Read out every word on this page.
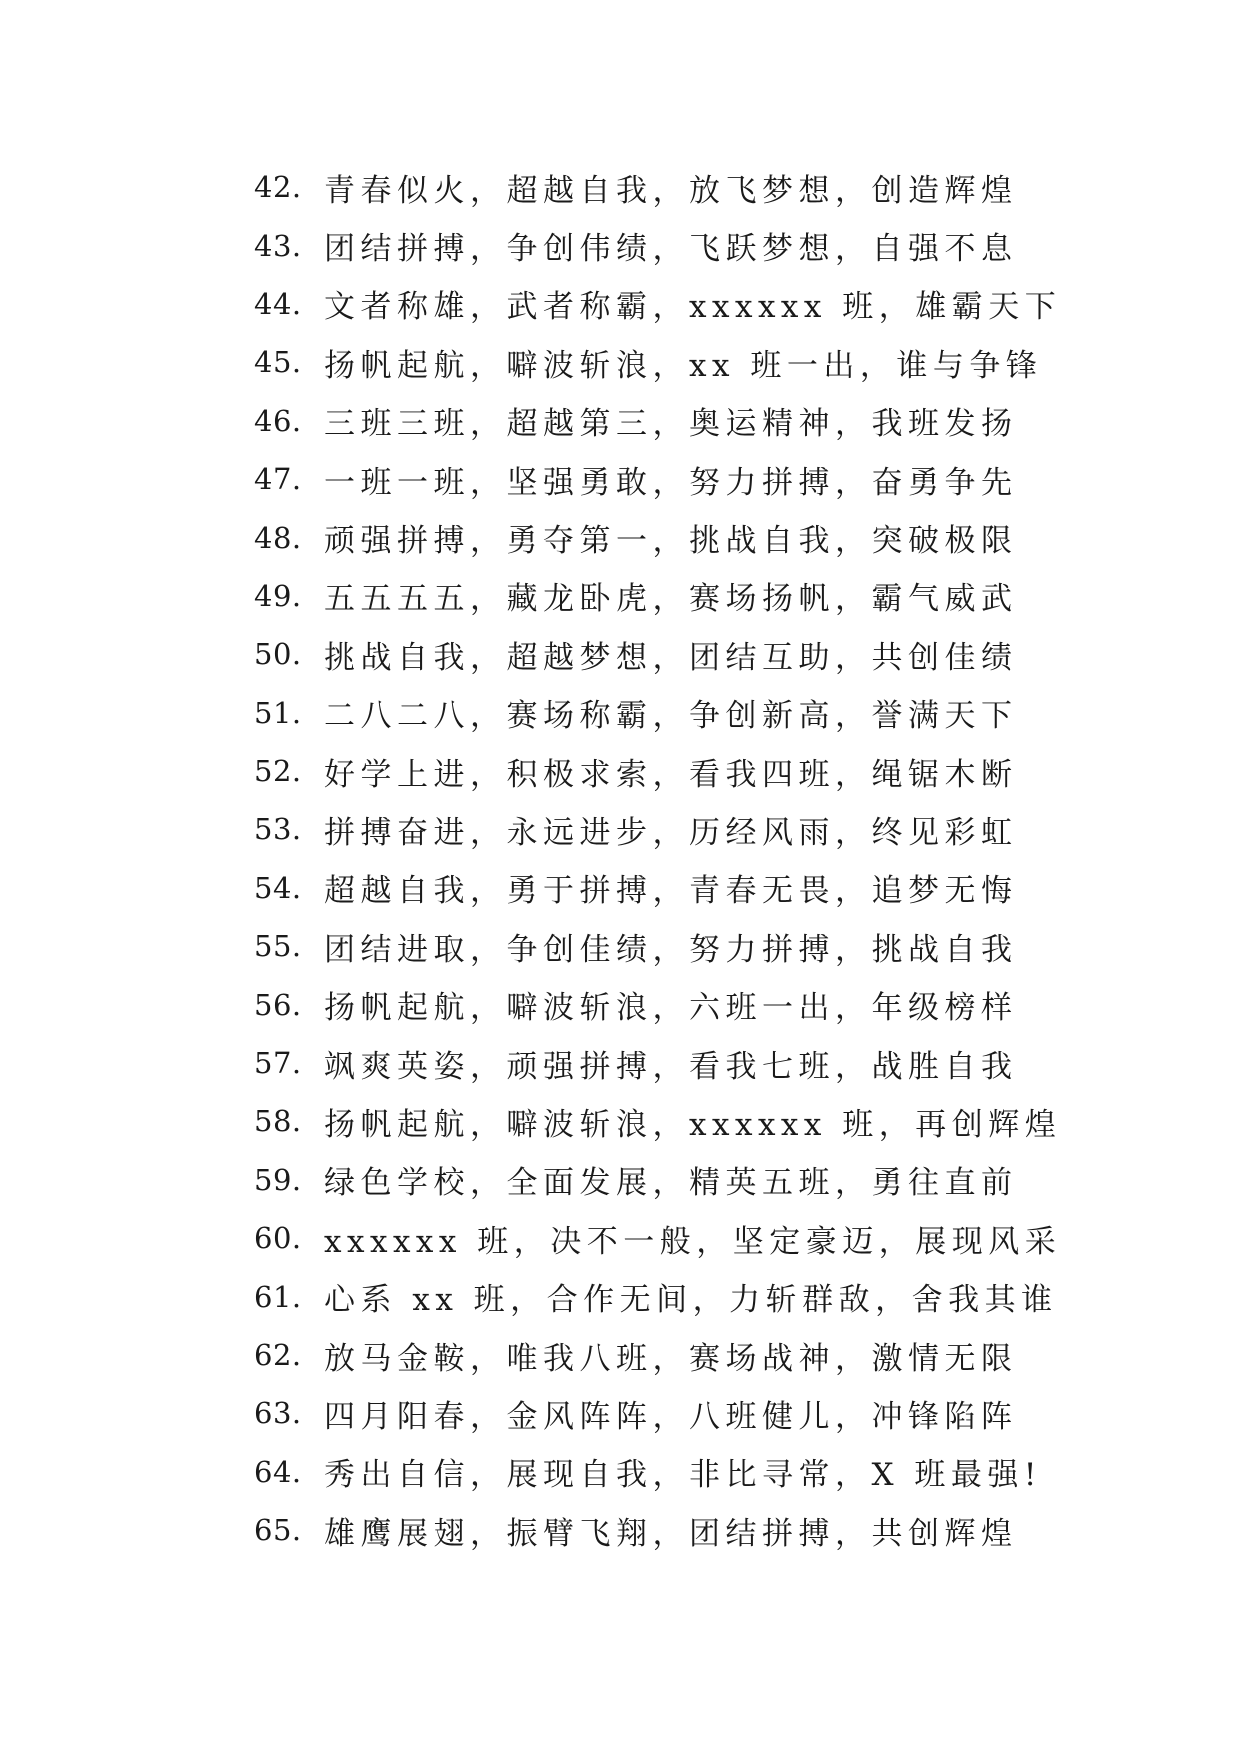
42. 青春似火，超越自我，放飞梦想，创造辉煌
43. 团结拼搏，争创伟绩，飞跃梦想，自强不息
44. 文者称雄，武者称霸，xxxxxx 班，雄霸天下
45. 扬帆起航，噼波斩浪，xx 班一出，谁与争锋
46. 三班三班，超越第三，奥运精神，我班发扬
47. 一班一班，坚强勇敢，努力拼搏，奋勇争先
48. 顽强拼搏，勇夺第一，挑战自我，突破极限
49. 五五五五，藏龙卧虎，赛场扬帆，霸气威武
50. 挑战自我，超越梦想，团结互助，共创佳绩
51. 二八二八，赛场称霸，争创新高，誉满天下
52. 好学上进，积极求索，看我四班，绳锯木断
53. 拼搏奋进，永远进步，历经风雨，终见彩虹
54. 超越自我，勇于拼搏，青春无畏，追梦无悔
55. 团结进取，争创佳绩，努力拼搏，挑战自我
56. 扬帆起航，噼波斩浪，六班一出，年级榜样
57. 飒爽英姿，顽强拼搏，看我七班，战胜自我
58. 扬帆起航，噼波斩浪，xxxxxx 班，再创辉煌
59. 绿色学校，全面发展，精英五班，勇往直前
60. xxxxxx 班，决不一般，坚定豪迈，展现风采
61. 心系 xx 班，合作无间，力斩群敌，舍我其谁
62. 放马金鞍，唯我八班，赛场战神，激情无限
63. 四月阳春，金风阵阵，八班健儿，冲锋陷阵
64. 秀出自信，展现自我，非比寻常，X 班最强!
65. 雄鹰展翅，振臂飞翔，团结拼搏，共创辉煌
